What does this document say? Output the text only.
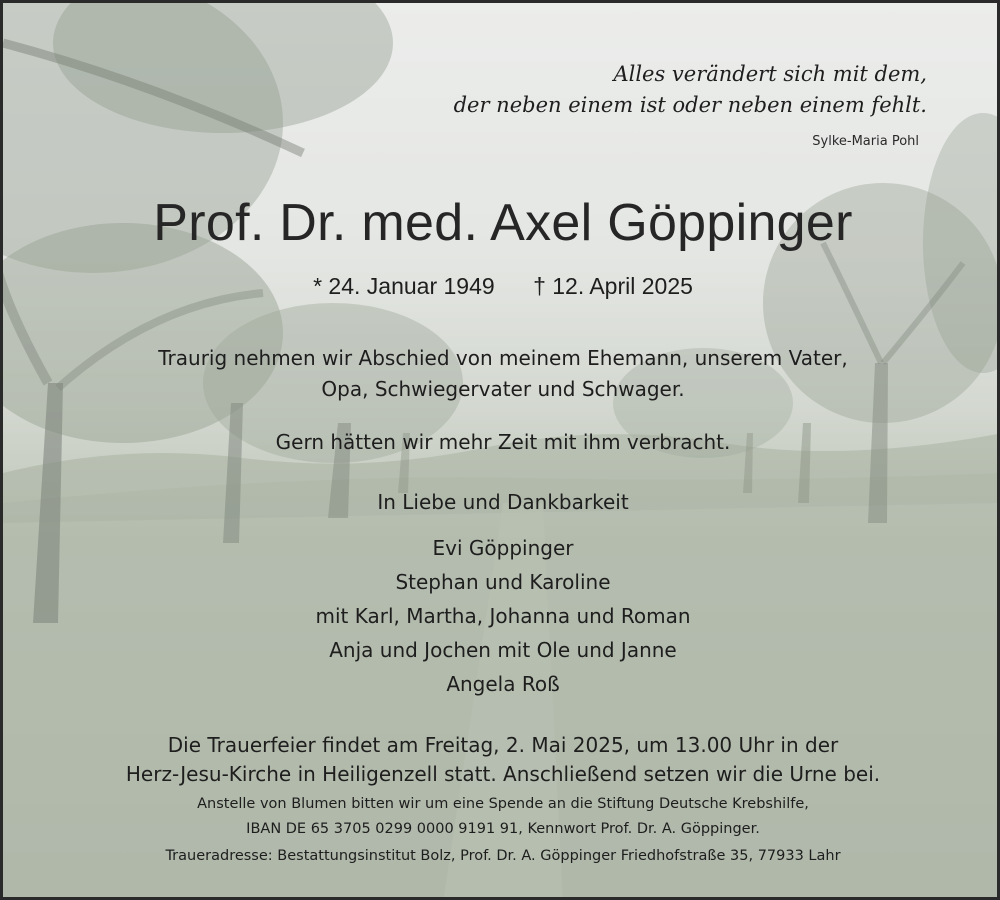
Alles verändert sich mit dem,
der neben einem ist oder neben einem fehlt.
Sylke-Maria Pohl
Prof. Dr. med. Axel Göppinger
* 24. Januar 1949 † 12. April 2025
Traurig nehmen wir Abschied von meinem Ehemann, unserem Vater,
Opa, Schwiegervater und Schwager.
Gern hätten wir mehr Zeit mit ihm verbracht.
In Liebe und Dankbarkeit
Evi Göppinger
Stephan und Karoline
mit Karl, Martha, Johanna und Roman
Anja und Jochen mit Ole und Janne
Angela Roß
Die Trauerfeier findet am Freitag, 2. Mai 2025, um 13.00 Uhr in der
Herz-Jesu-Kirche in Heiligenzell statt. Anschließend setzen wir die Urne bei.
Anstelle von Blumen bitten wir um eine Spende an die Stiftung Deutsche Krebshilfe,
IBAN DE 65 3705 0299 0000 9191 91, Kennwort Prof. Dr. A. Göppinger.
Traueradresse: Bestattungsinstitut Bolz, Prof. Dr. A. Göppinger Friedhofstraße 35, 77933 Lahr
